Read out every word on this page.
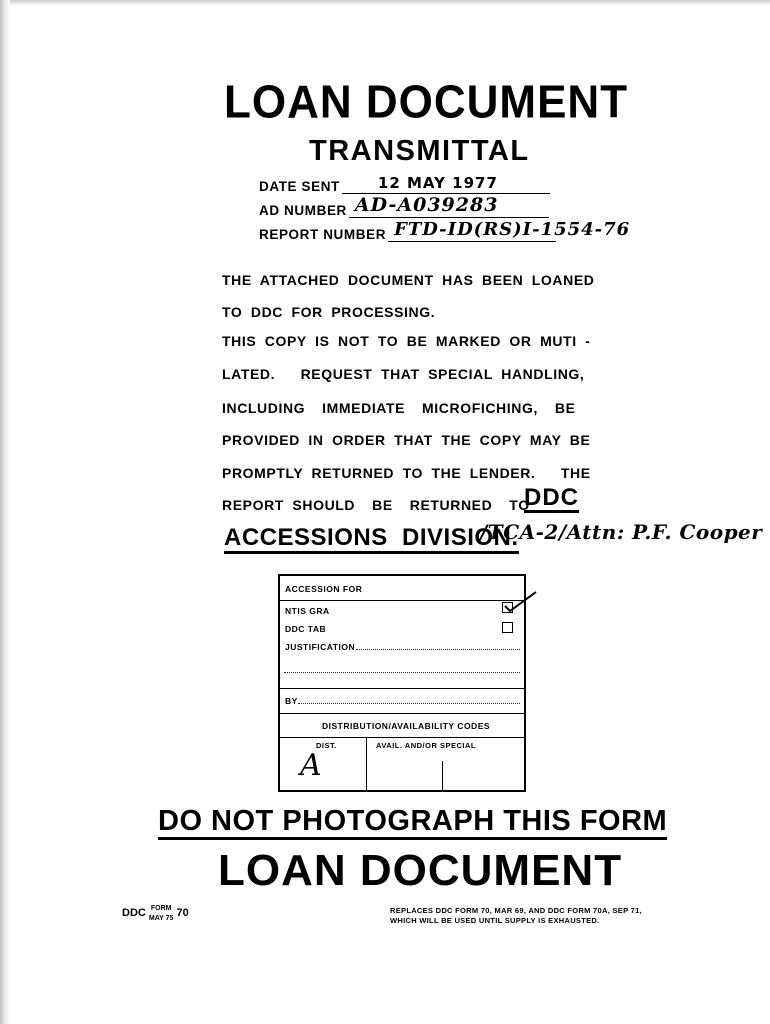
LOAN DOCUMENT
TRANSMITTAL
DATE SENT	12 MAY 1977
AD NUMBER AD-A039283
REPORT NUMBER FTD-ID(RS)I-1554-76
THE ATTACHED DOCUMENT HAS BEEN LOANED
TO DDC FOR PROCESSING.
THIS COPY IS NOT TO BE MARKED OR MUTI -
LATED.   REQUEST THAT SPECIAL HANDLING,
INCLUDING  IMMEDIATE  MICROFICHING,  BE
PROVIDED IN ORDER THAT THE COPY MAY BE
PROMPTLY RETURNED TO THE LENDER.   THE
REPORT SHOULD  BE  RETURNED  TO
DDC
ACCESSIONS  DIVISION.
/TCA-2/Attn: P.F. Cooper
ACCESSION FOR
NTIS GRA
DDC TAB
JUSTIFICATION
BY
DISTRIBUTION/AVAILABILITY CODES
DIST.	AVAIL. AND/OR SPECIAL
A
DO NOT PHOTOGRAPH THIS FORM
LOAN DOCUMENT
DDC FORM
MAY 75 70	REPLACES DDC FORM 70, MAR 69, AND DDC FORM 70A, SEP 71,
WHICH WILL BE USED UNTIL SUPPLY IS EXHAUSTED.
